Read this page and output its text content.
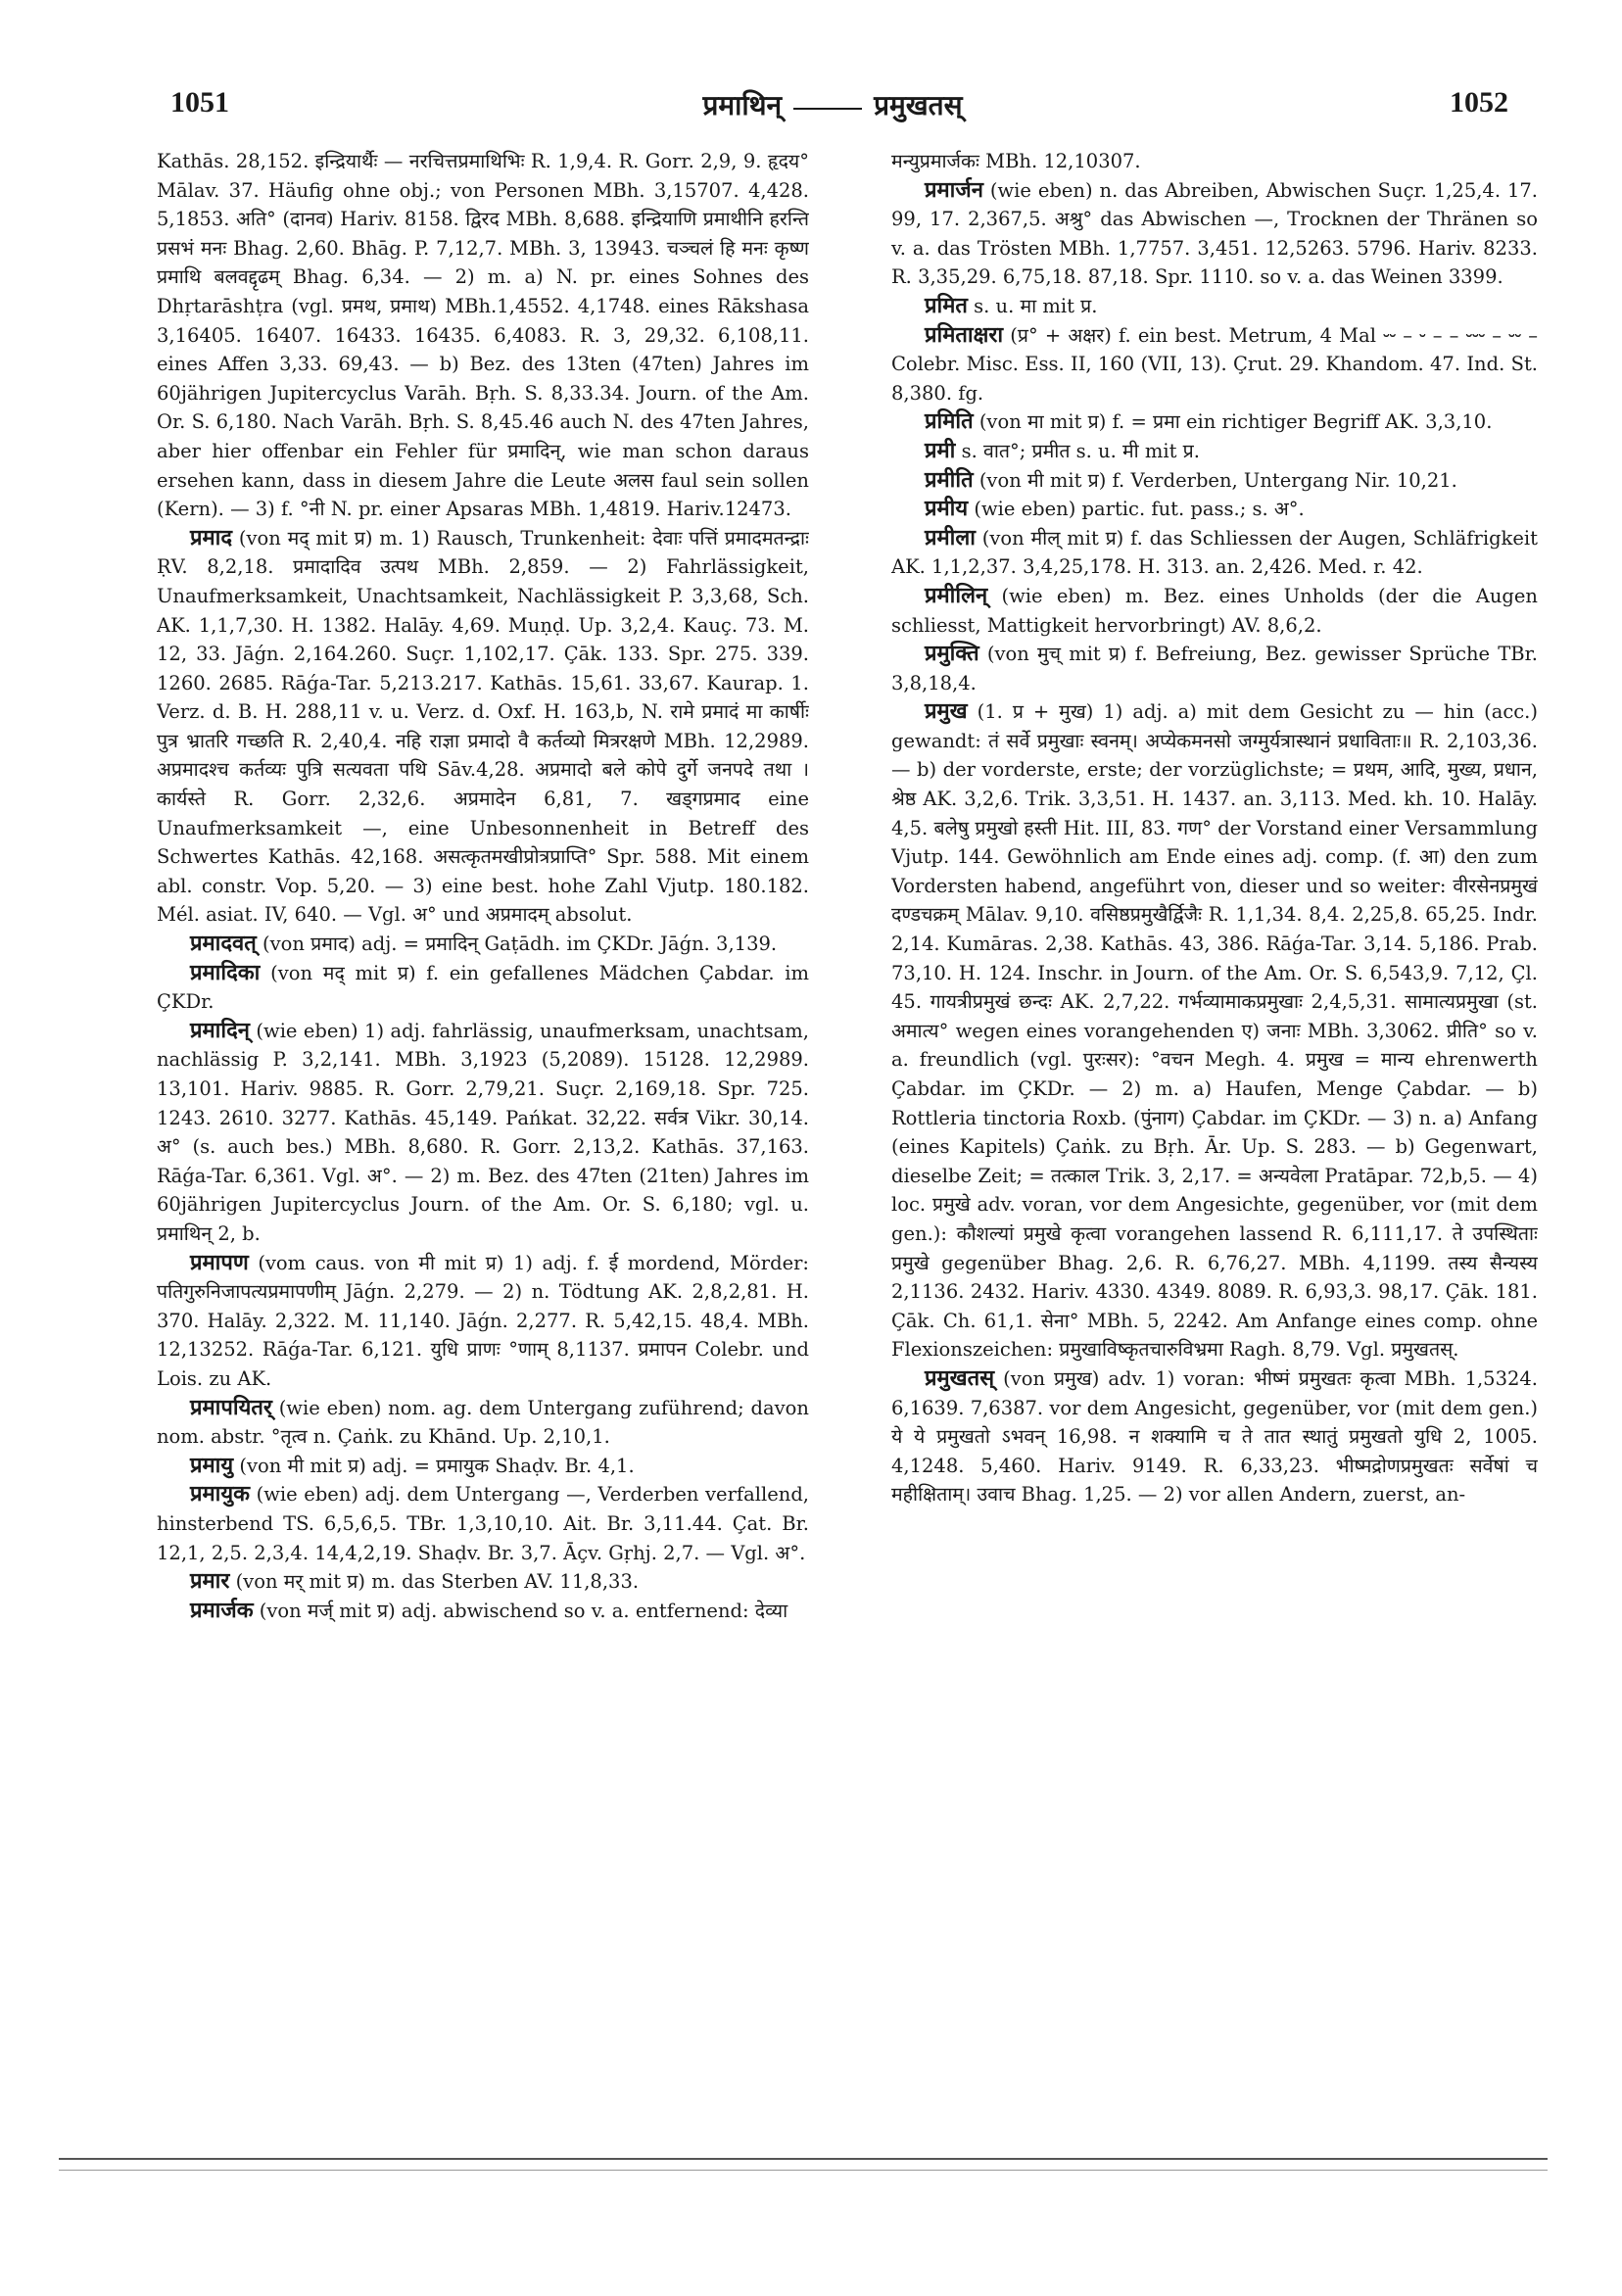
1051	प्रमाथिन्	प्रमुखतस्	1052

Kathās. 28,152. इन्द्रियार्थैः — नरचित्तप्रमाथिभिः R. 1,9,4. R. Gorr. 2,9, 9. हृदय° Mālav. 37. Häufig ohne obj.; von Personen MBh. 3,15707. 4,428. 5,1853. अति° (दानव) Hariv. 8158. द्विरद MBh. 8,688. इन्द्रियाणि प्रमाथीनि हरन्ति प्रसभं मनः Bhag. 2,60. Bhāg. P. 7,12,7. MBh. 3, 13943. चञ्चलं हि मनः कृष्ण प्रमाथि बलवद्दृढम् Bhag. 6,34. — 2) m. a) N. pr. eines Sohnes des Dhṛtarāshṭra (vgl. प्रमथ, प्रमाथ) MBh.1,4552. 4,1748. eines Rākshasa 3,16405. 16407. 16433. 16435. 6,4083. R. 3, 29,32. 6,108,11. eines Affen 3,33. 69,43. — b) Bez. des 13ten (47ten) Jahres im 60jährigen Jupitercyclus Varāh. Bṛh. S. 8,33.34. Journ. of the Am. Or. S. 6,180. Nach Varāh. Bṛh. S. 8,45.46 auch N. des 47ten Jahres, aber hier offenbar ein Fehler für प्रमादिन्, wie man schon daraus ersehen kann, dass in diesem Jahre die Leute अलस faul sein sollen (Kern). — 3) f. °नी N. pr. einer Apsaras MBh. 1,4819. Hariv.12473.

प्रमाद (von मद् mit प्र) m. 1) Rausch, Trunkenheit: देवाः पत्तिं प्रमादमतन्द्राः ṚV. 8,2,18. प्रमादादिव उत्पथ MBh. 2,859. — 2) Fahrlässigkeit, Unaufmerksamkeit, Unachtsamkeit, Nachlässigkeit P. 3,3,68, Sch. AK. 1,1,7,30. H. 1382. Halāy. 4,69. Muṇḍ. Up. 3,2,4. Kauç. 73. M. 12, 33. Jāǵn. 2,164.260. Suçr. 1,102,17. Çāk. 133. Spr. 275. 339. 1260. 2685. Rāǵa-Tar. 5,213.217. Kathās. 15,61. 33,67. Kaurap. 1. Verz. d. B. H. 288,11 v. u. Verz. d. Oxf. H. 163,b, N. रामे प्रमादं मा कार्षीः पुत्र भ्रातरि गच्छति R. 2,40,4. नहि राज्ञा प्रमादो वै कर्तव्यो मित्ररक्षणे MBh. 12,2989. अप्रमादश्च कर्तव्यः पुत्रि सत्यवता पथि Sāv.4,28. अप्रमादो बले कोपे दुर्गे जनपदे तथा । कार्यस्ते R. Gorr. 2,32,6. अप्रमादेन 6,81, 7. खड्गप्रमाद eine Unaufmerksamkeit —, eine Unbesonnenheit in Betreff des Schwertes Kathās. 42,168. असत्कृतमखीप्रोत्रप्राप्ति° Spr. 588. Mit einem abl. constr. Vop. 5,20. — 3) eine best. hohe Zahl Vjutp. 180.182. Mél. asiat. IV, 640. — Vgl. अ° und अप्रमादम् absolut.

प्रमादवत् (von प्रमाद) adj. = प्रमादिन् Gaṭādh. im ÇKDr. Jāǵn. 3,139.

प्रमादिका (von मद् mit प्र) f. ein gefallenes Mädchen Çabdar. im ÇKDr.

प्रमादिन् (wie eben) 1) adj. fahrlässig, unaufmerksam, unachtsam, nachlässig P. 3,2,141. MBh. 3,1923 (5,2089). 15128. 12,2989. 13,101. Hariv. 9885. R. Gorr. 2,79,21. Suçr. 2,169,18. Spr. 725. 1243. 2610. 3277. Kathās. 45,149. Pańkat. 32,22. सर्वत्र Vikr. 30,14. अ° (s. auch bes.) MBh. 8,680. R. Gorr. 2,13,2. Kathās. 37,163. Rāǵa-Tar. 6,361. Vgl. अ°. — 2) m. Bez. des 47ten (21ten) Jahres im 60jährigen Jupitercyclus Journ. of the Am. Or. S. 6,180; vgl. u. प्रमाथिन् 2, b.

प्रमापण (vom caus. von मी mit प्र) 1) adj. f. ई mordend, Mörder: पतिगुरुनिजापत्यप्रमापणीम् Jāǵn. 2,279. — 2) n. Tödtung AK. 2,8,2,81. H. 370. Halāy. 2,322. M. 11,140. Jāǵn. 2,277. R. 5,42,15. 48,4. MBh. 12,13252. Rāǵa-Tar. 6,121. युधि प्राणः °णाम् 8,1137. प्रमापन Colebr. und Lois. zu AK.

प्रमापयितर् (wie eben) nom. ag. dem Untergang zuführend; davon nom. abstr. °तृत्व n. Çaṅk. zu Khānd. Up. 2,10,1.

प्रमायु (von मी mit प्र) adj. = प्रमायुक Shaḍv. Br. 4,1.

प्रमायुक (wie eben) adj. dem Untergang —, Verderben verfallend, hinsterbend TS. 6,5,6,5. TBr. 1,3,10,10. Ait. Br. 3,11.44. Çat. Br. 12,1, 2,5. 2,3,4. 14,4,2,19. Shaḍv. Br. 3,7. Āçv. Gṛhj. 2,7. — Vgl. अ°.

प्रमार (von मर् mit प्र) m. das Sterben AV. 11,8,33.

प्रमार्जक (von मर्ज् mit प्र) adj. abwischend so v. a. entfernend: देव्या

मन्युप्रमार्जकः MBh. 12,10307.

प्रमार्जन (wie eben) n. das Abreiben, Abwischen Suçr. 1,25,4. 17. 99, 17. 2,367,5. अश्रु° das Abwischen —, Trocknen der Thränen so v. a. das Trösten MBh. 1,7757. 3,451. 12,5263. 5796. Hariv. 8233. R. 3,35,29. 6,75,18. 87,18. Spr. 1110. so v. a. das Weinen 3399.

प्रमित s. u. मा mit प्र.

प्रमिताक्षरा (प्र° + अक्षर) f. ein best. Metrum, 4 Mal ⏑⏑ – ⏑ – – ⏑⏑⏑ – ⏑⏑ – Colebr. Misc. Ess. II, 160 (VII, 13). Çrut. 29. Khandom. 47. Ind. St. 8,380. fg.

प्रमिति (von मा mit प्र) f. = प्रमा ein richtiger Begriff AK. 3,3,10.

प्रमी s. वात°; प्रमीत s. u. मी mit प्र.

प्रमीति (von मी mit प्र) f. Verderben, Untergang Nir. 10,21.

प्रमीय (wie eben) partic. fut. pass.; s. अ°.

प्रमीला (von मील् mit प्र) f. das Schliessen der Augen, Schläfrigkeit AK. 1,1,2,37. 3,4,25,178. H. 313. an. 2,426. Med. r. 42.

प्रमीलिन् (wie eben) m. Bez. eines Unholds (der die Augen schliesst, Mattigkeit hervorbringt) AV. 8,6,2.

प्रमुक्ति (von मुच् mit प्र) f. Befreiung, Bez. gewisser Sprüche TBr. 3,8,18,4.

प्रमुख (1. प्र + मुख) 1) adj. a) mit dem Gesicht zu — hin (acc.) gewandt: तं सर्वे प्रमुखाः स्वनम्। अप्येकमनसो जग्मुर्यत्रास्थानं प्रधाविताः॥ R. 2,103,36. — b) der vorderste, erste; der vorzüglichste; = प्रथम, आदि, मुख्य, प्रधान, श्रेष्ठ AK. 3,2,6. Trik. 3,3,51. H. 1437. an. 3,113. Med. kh. 10. Halāy. 4,5. बलेषु प्रमुखो हस्ती Hit. III, 83. गण° der Vorstand einer Versammlung Vjutp. 144. Gewöhnlich am Ende eines adj. comp. (f. आ) den zum Vordersten habend, angeführt von, dieser und so weiter: वीरसेनप्रमुखं दण्डचक्रम् Mālav. 9,10. वसिष्ठप्रमुखैर्द्विजैः R. 1,1,34. 8,4. 2,25,8. 65,25. Indr. 2,14. Kumāras. 2,38. Kathās. 43, 386. Rāǵa-Tar. 3,14. 5,186. Prab. 73,10. H. 124. Inschr. in Journ. of the Am. Or. S. 6,543,9. 7,12, Çl. 45. गायत्रीप्रमुखं छन्दः AK. 2,7,22. गर्भव्यामाकप्रमुखाः 2,4,5,31. सामात्यप्रमुखा (st. अमात्य° wegen eines vorangehenden ए) जनाः MBh. 3,3062. प्रीति° so v. a. freundlich (vgl. पुरःसर): °वचन Megh. 4. प्रमुख = मान्य ehrenwerth Çabdar. im ÇKDr. — 2) m. a) Haufen, Menge Çabdar. — b) Rottleria tinctoria Roxb. (पुंनाग) Çabdar. im ÇKDr. — 3) n. a) Anfang (eines Kapitels) Çaṅk. zu Bṛh. Ār. Up. S. 283. — b) Gegenwart, dieselbe Zeit; = तत्काल Trik. 3, 2,17. = अन्यवेला Pratāpar. 72,b,5. — 4) loc. प्रमुखे adv. voran, vor dem Angesichte, gegenüber, vor (mit dem gen.): कौशल्यां प्रमुखे कृत्वा vorangehen lassend R. 6,111,17. ते उपस्थिताः प्रमुखे gegenüber Bhag. 2,6. R. 6,76,27. MBh. 4,1199. तस्य सैन्यस्य 2,1136. 2432. Hariv. 4330. 4349. 8089. R. 6,93,3. 98,17. Çāk. 181. Çāk. Ch. 61,1. सेना° MBh. 5, 2242. Am Anfange eines comp. ohne Flexionszeichen: प्रमुखाविष्कृतचारुविभ्रमा Ragh. 8,79. Vgl. प्रमुखतस्.

प्रमुखतस् (von प्रमुख) adv. 1) voran: भीष्मं प्रमुखतः कृत्वा MBh. 1,5324. 6,1639. 7,6387. vor dem Angesicht, gegenüber, vor (mit dem gen.) ये ये प्रमुखतो ऽभवन् 16,98. न शक्यामि च ते तात स्थातुं प्रमुखतो युधि 2, 1005. 4,1248. 5,460. Hariv. 9149. R. 6,33,23. भीष्मद्रोणप्रमुखतः सर्वेषां च महीक्षिताम्। उवाच Bhag. 1,25. — 2) vor allen Andern, zuerst, an-
